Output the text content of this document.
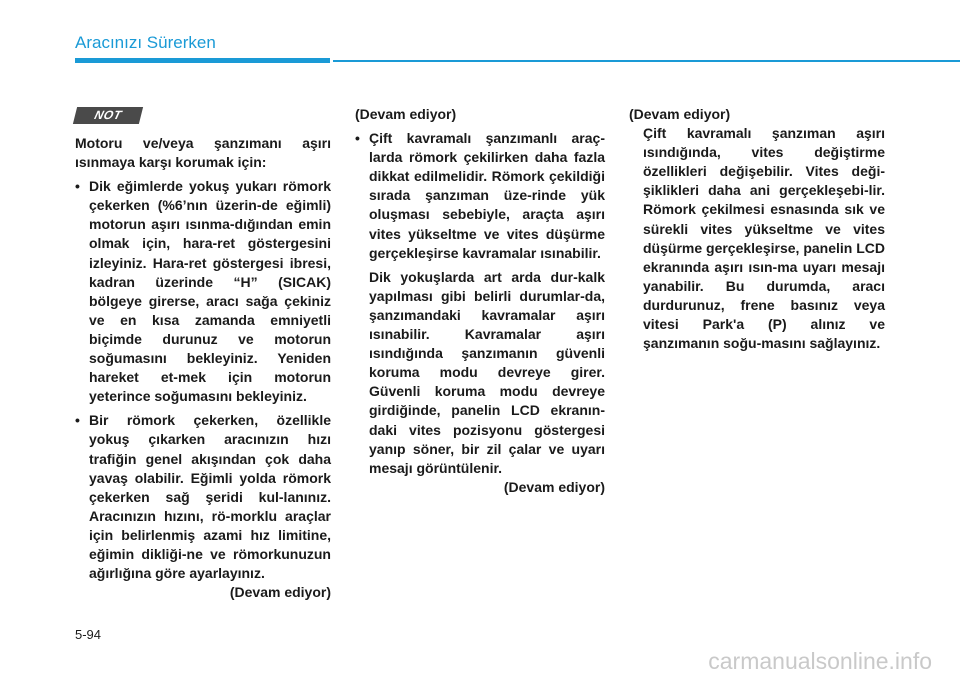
Aracınızı Sürerken
NOT

Motoru ve/veya şanzımanı aşırı ısınmaya karşı korumak için:

• Dik eğimlerde yokuş yukarı römork çekerken (%6’nın üzerin-de eğimli) motorun aşırı ısınma-dığından emin olmak için, hara-ret göstergesini izleyiniz. Hara-ret göstergesi ibresi, kadran üzerinde “H” (SICAK) bölgeye girerse, aracı sağa çekiniz ve en kısa zamanda emniyetli biçimde durunuz ve motorun soğumasını bekleyiniz. Yeniden hareket et-mek için motorun yeterince soğumasını bekleyiniz.

• Bir römork çekerken, özellikle yokuş çıkarken aracınızın hızı trafiğin genel akışından çok daha yavaş olabilir. Eğimli yolda römork çekerken sağ şeridi kul-lanınız. Aracınızın hızını, rö-morklu araçlar için belirlenmiş azami hız limitine, eğimin dikliği-ne ve römorkunuzun ağırlığına göre ayarlayınız.

(Devam ediyor)

(Devam ediyor)

• Çift kavramalı şanzımanlı araç-larda römork çekilirken daha fazla dikkat edilmelidir. Römork çekildiği sırada şanzıman üze-rinde yük oluşması sebebiyle, araçta aşırı vites yükseltme ve vites düşürme gerçekleşirse kavramalar ısınabilir.

Dik yokuşlarda art arda dur-kalk yapılması gibi belirli durumlar-da, şanzımandaki kavramalar aşırı ısınabilir. Kavramalar aşırı ısındığında şanzımanın güvenli koruma modu devreye girer. Güvenli koruma modu devreye girdiğinde, panelin LCD ekranın-daki vites pozisyonu göstergesi yanıp söner, bir zil çalar ve uyarı mesajı görüntülenir.

(Devam ediyor)

(Devam ediyor)

Çift kavramalı şanzıman aşırı ısındığında, vites değiştirme özellikleri değişebilir. Vites deği-şiklikleri daha ani gerçekleşebi-lir. Römork çekilmesi esnasında sık ve sürekli vites yükseltme ve vites düşürme gerçekleşirse, panelin LCD ekranında aşırı ısın-ma uyarı mesajı yanabilir. Bu durumda, aracı durdurunuz, frene basınız veya vitesi Park'a (P) alınız ve şanzımanın soğu-masını sağlayınız.

5-94
carmanualsonline.info
